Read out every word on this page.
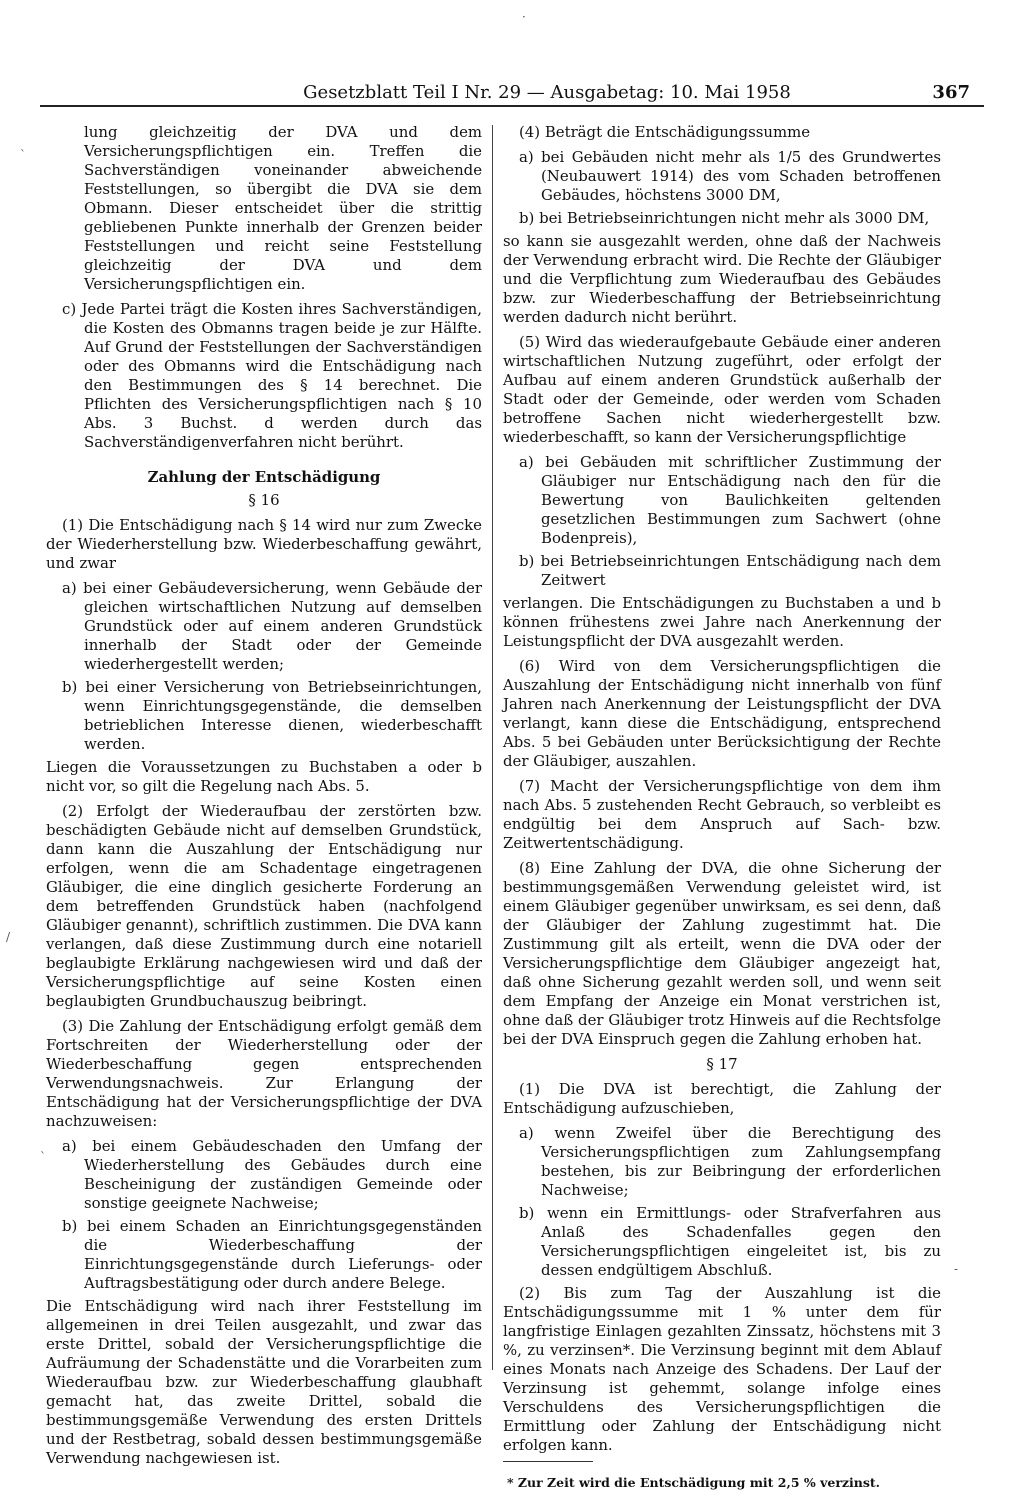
Gesetzblatt Teil I Nr. 29 — Ausgabetag: 10. Mai 1958	367

lung gleichzeitig der DVA und dem Versicherungspflichtigen ein. Treffen die Sachverständigen voneinander abweichende Feststellungen, so übergibt die DVA sie dem Obmann. Dieser entscheidet über die strittig gebliebenen Punkte innerhalb der Grenzen beider Feststellungen und reicht seine Feststellung gleichzeitig der DVA und dem Versicherungspflichtigen ein.

c) Jede Partei trägt die Kosten ihres Sachverständigen, die Kosten des Obmanns tragen beide je zur Hälfte. Auf Grund der Feststellungen der Sachverständigen oder des Obmanns wird die Entschädigung nach den Bestimmungen des § 14 berechnet. Die Pflichten des Versicherungspflichtigen nach § 10 Abs. 3 Buchst. d werden durch das Sachverständigenverfahren nicht berührt.

Zahlung der Entschädigung
§ 16

(1) Die Entschädigung nach § 14 wird nur zum Zwecke der Wiederherstellung bzw. Wiederbeschaffung gewährt, und zwar

a) bei einer Gebäudeversicherung, wenn Gebäude der gleichen wirtschaftlichen Nutzung auf demselben Grundstück oder auf einem anderen Grundstück innerhalb der Stadt oder der Gemeinde wiederhergestellt werden;

b) bei einer Versicherung von Betriebseinrichtungen, wenn Einrichtungsgegenstände, die demselben betrieblichen Interesse dienen, wiederbeschafft werden.

Liegen die Voraussetzungen zu Buchstaben a oder b nicht vor, so gilt die Regelung nach Abs. 5.

(2) Erfolgt der Wiederaufbau der zerstörten bzw. beschädigten Gebäude nicht auf demselben Grundstück, dann kann die Auszahlung der Entschädigung nur erfolgen, wenn die am Schadentage eingetragenen Gläubiger, die eine dinglich gesicherte Forderung an dem betreffenden Grundstück haben (nachfolgend Gläubiger genannt), schriftlich zustimmen. Die DVA kann verlangen, daß diese Zustimmung durch eine notariell beglaubigte Erklärung nachgewiesen wird und daß der Versicherungspflichtige auf seine Kosten einen beglaubigten Grundbuchauszug beibringt.

(3) Die Zahlung der Entschädigung erfolgt gemäß dem Fortschreiten der Wiederherstellung oder der Wiederbeschaffung gegen entsprechenden Verwendungsnachweis. Zur Erlangung der Entschädigung hat der Versicherungspflichtige der DVA nachzuweisen:

a) bei einem Gebäudeschaden den Umfang der Wiederherstellung des Gebäudes durch eine Bescheinigung der zuständigen Gemeinde oder sonstige geeignete Nachweise;

b) bei einem Schaden an Einrichtungsgegenständen die Wiederbeschaffung der Einrichtungsgegenstände durch Lieferungs- oder Auftragsbestätigung oder durch andere Belege.

Die Entschädigung wird nach ihrer Feststellung im allgemeinen in drei Teilen ausgezahlt, und zwar das erste Drittel, sobald der Versicherungspflichtige die Aufräumung der Schadenstätte und die Vorarbeiten zum Wiederaufbau bzw. zur Wiederbeschaffung glaubhaft gemacht hat, das zweite Drittel, sobald die bestimmungsgemäße Verwendung des ersten Drittels und der Restbetrag, sobald dessen bestimmungsgemäße Verwendung nachgewiesen ist.

(4) Beträgt die Entschädigungssumme

a) bei Gebäuden nicht mehr als 1/5 des Grundwertes (Neubauwert 1914) des vom Schaden betroffenen Gebäudes, höchstens 3000 DM,

b) bei Betriebseinrichtungen nicht mehr als 3000 DM,

so kann sie ausgezahlt werden, ohne daß der Nachweis der Verwendung erbracht wird. Die Rechte der Gläubiger und die Verpflichtung zum Wiederaufbau des Gebäudes bzw. zur Wiederbeschaffung der Betriebseinrichtung werden dadurch nicht berührt.

(5) Wird das wiederaufgebaute Gebäude einer anderen wirtschaftlichen Nutzung zugeführt, oder erfolgt der Aufbau auf einem anderen Grundstück außerhalb der Stadt oder der Gemeinde, oder werden vom Schaden betroffene Sachen nicht wiederhergestellt bzw. wiederbeschafft, so kann der Versicherungspflichtige

a) bei Gebäuden mit schriftlicher Zustimmung der Gläubiger nur Entschädigung nach den für die Bewertung von Baulichkeiten geltenden gesetzlichen Bestimmungen zum Sachwert (ohne Bodenpreis),

b) bei Betriebseinrichtungen Entschädigung nach dem Zeitwert

verlangen. Die Entschädigungen zu Buchstaben a und b können frühestens zwei Jahre nach Anerkennung der Leistungspflicht der DVA ausgezahlt werden.

(6) Wird von dem Versicherungspflichtigen die Auszahlung der Entschädigung nicht innerhalb von fünf Jahren nach Anerkennung der Leistungspflicht der DVA verlangt, kann diese die Entschädigung, entsprechend Abs. 5 bei Gebäuden unter Berücksichtigung der Rechte der Gläubiger, auszahlen.

(7) Macht der Versicherungspflichtige von dem ihm nach Abs. 5 zustehenden Recht Gebrauch, so verbleibt es endgültig bei dem Anspruch auf Sach- bzw. Zeitwertentschädigung.

(8) Eine Zahlung der DVA, die ohne Sicherung der bestimmungsgemäßen Verwendung geleistet wird, ist einem Gläubiger gegenüber unwirksam, es sei denn, daß der Gläubiger der Zahlung zugestimmt hat. Die Zustimmung gilt als erteilt, wenn die DVA oder der Versicherungspflichtige dem Gläubiger angezeigt hat, daß ohne Sicherung gezahlt werden soll, und wenn seit dem Empfang der Anzeige ein Monat verstrichen ist, ohne daß der Gläubiger trotz Hinweis auf die Rechtsfolge bei der DVA Einspruch gegen die Zahlung erhoben hat.

§ 17

(1) Die DVA ist berechtigt, die Zahlung der Entschädigung aufzuschieben,

a) wenn Zweifel über die Berechtigung des Versicherungspflichtigen zum Zahlungsempfang bestehen, bis zur Beibringung der erforderlichen Nachweise;

b) wenn ein Ermittlungs- oder Strafverfahren aus Anlaß des Schadenfalles gegen den Versicherungspflichtigen eingeleitet ist, bis zu dessen endgültigem Abschluß.

(2) Bis zum Tag der Auszahlung ist die Entschädigungssumme mit 1 % unter dem für langfristige Einlagen gezahlten Zinssatz, höchstens mit 3 %, zu verzinsen*. Die Verzinsung beginnt mit dem Ablauf eines Monats nach Anzeige des Schadens. Der Lauf der Verzinsung ist gehemmt, solange infolge eines Verschuldens des Versicherungspflichtigen die Ermittlung oder Zahlung der Entschädigung nicht erfolgen kann.

* Zur Zeit wird die Entschädigung mit 2,5 % verzinst.

`
·
/
`
-
